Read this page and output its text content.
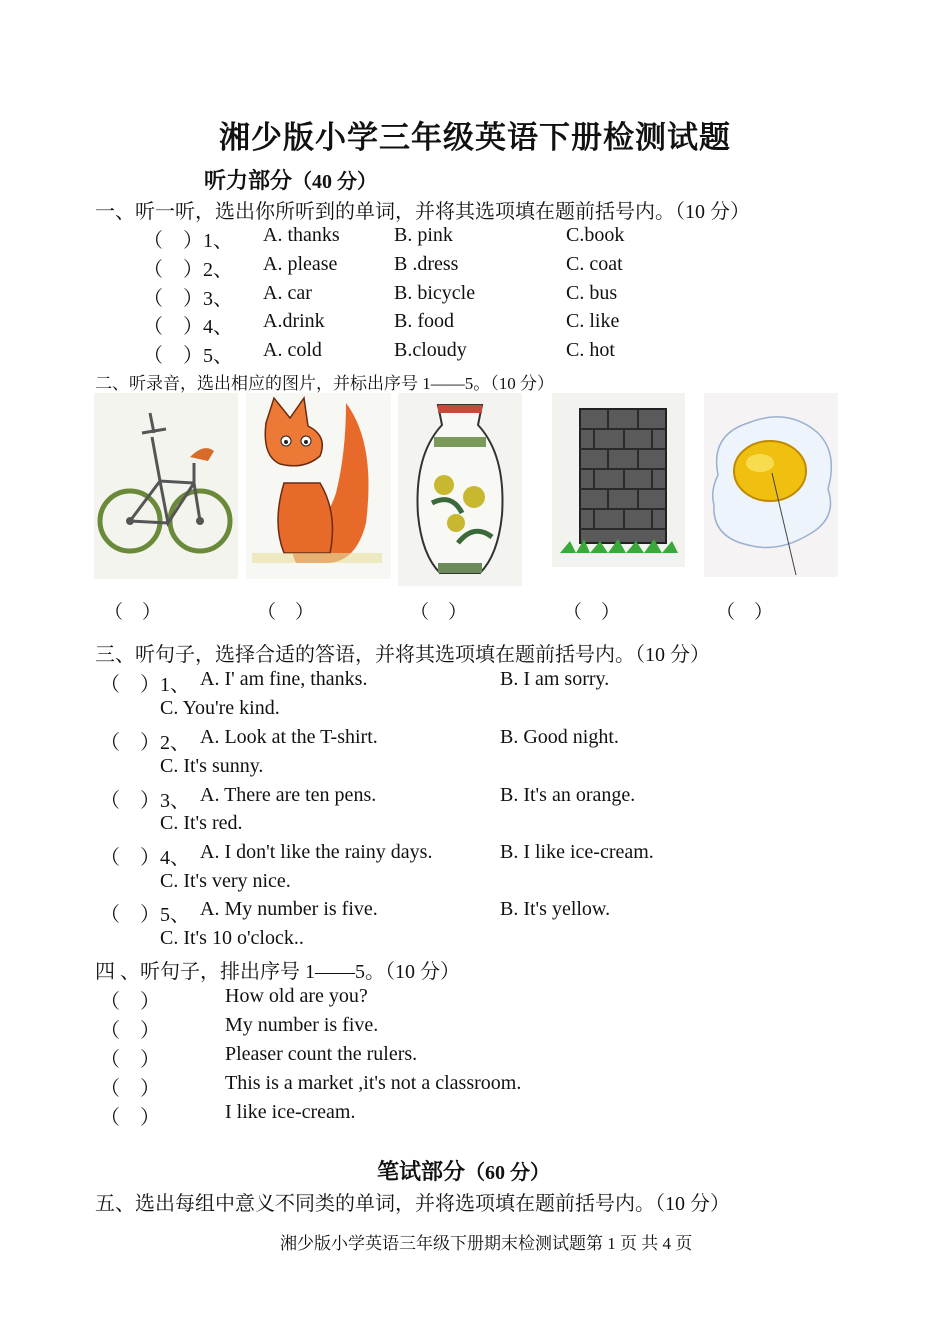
湘少版小学三年级英语下册检测试题
听力部分（40 分）
一、听一听，选出你所听到的单词，并将其选项填在题前括号内。（10 分）
（　）1、 A. thanks	B. pink	C.book
（　）2、 A. please	B .dress	C. coat
（　）3、 A. car	B. bicycle	C. bus
（　）4、 A.drink	B. food	C. like
（　）5、 A. cold	B.cloudy	C. hot
二、听录音，选出相应的图片，并标出序号 1——5。（10 分）
（　）	（　）	（　）	（　）	（　）
三、听句子，选择合适的答语，并将其选项填在题前括号内。（10 分）
（　）1、 A. I' am fine, thanks.	B. I am sorry.
C. You're kind.
（　）2、 A. Look at the T-shirt.	B. Good night.
C. It's sunny.
（　）3、 A. There are ten pens.	B. It's an orange.
C. It's red.
（　）4、 A. I don't like the rainy days.	B. I like ice-cream.
C. It's very nice.
（　）5、 A. My number is five.	B. It's yellow.
C. It's 10 o'clock..
四 、听句子，排出序号 1——5。（10 分）
（　）	How old are you?
（　）	My number is five.
（　）	Pleaser count the rulers.
（　）	This is a market ,it's not a classroom.
（　）	I like ice-cream.
笔试部分（60 分）
五、选出每组中意义不同类的单词，并将选项填在题前括号内。（10 分）
湘少版小学英语三年级下册期末检测试题第 1 页 共 4 页
